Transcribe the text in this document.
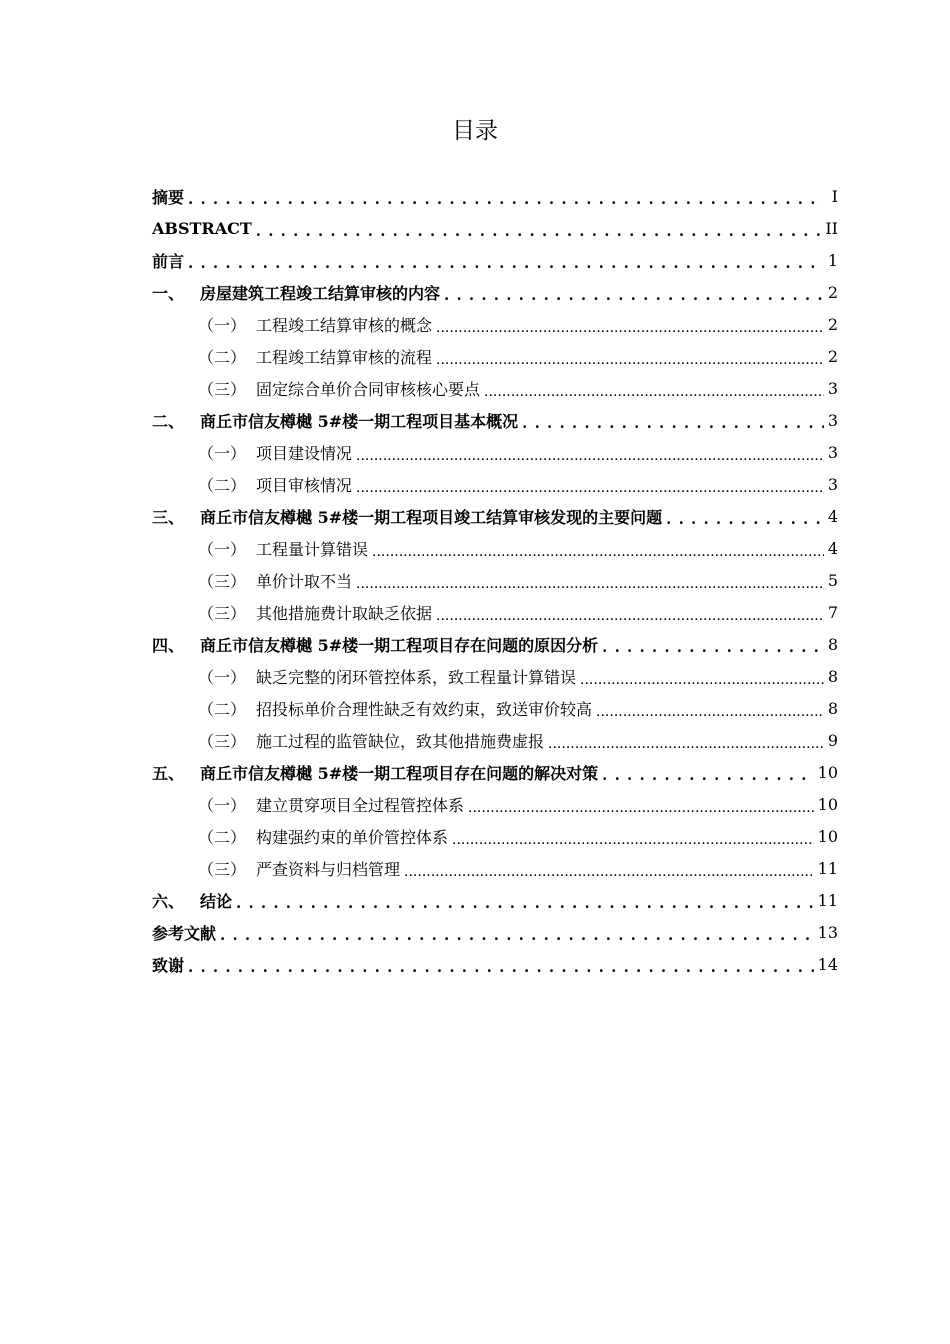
目录
摘要 . . .	I
ABSTRACT . . .	II
前言 . . .	1
一、 房屋建筑工程竣工结算审核的内容 . . .	2
（一） 工程竣工结算审核的概念 .....	2
（二） 工程竣工结算审核的流程 .....	2
（三） 固定综合单价合同审核核心要点 .....	3
二、 商丘市信友樽樾 5#楼一期工程项目基本概况 . . .	3
（一） 项目建设情况 .....	3
（二） 项目审核情况 .....	3
三、 商丘市信友樽樾 5#楼一期工程项目竣工结算审核发现的主要问题 . . .	4
（一） 工程量计算错误 .....	4
（三） 单价计取不当 .....	5
（三） 其他措施费计取缺乏依据 .....	7
四、 商丘市信友樽樾 5#楼一期工程项目存在问题的原因分析 . . .	8
（一） 缺乏完整的闭环管控体系，致工程量计算错误 .....	8
（二） 招投标单价合理性缺乏有效约束，致送审价较高 .....	8
（三） 施工过程的监管缺位，致其他措施费虚报 .....	9
五、 商丘市信友樽樾 5#楼一期工程项目存在问题的解决对策 . . .	10
（一） 建立贯穿项目全过程管控体系 .....	10
（二） 构建强约束的单价管控体系 .....	10
（三） 严查资料与归档管理 .....	11
六、 结论 . . .	11
参考文献 . . .	13
致谢 . . .	14
